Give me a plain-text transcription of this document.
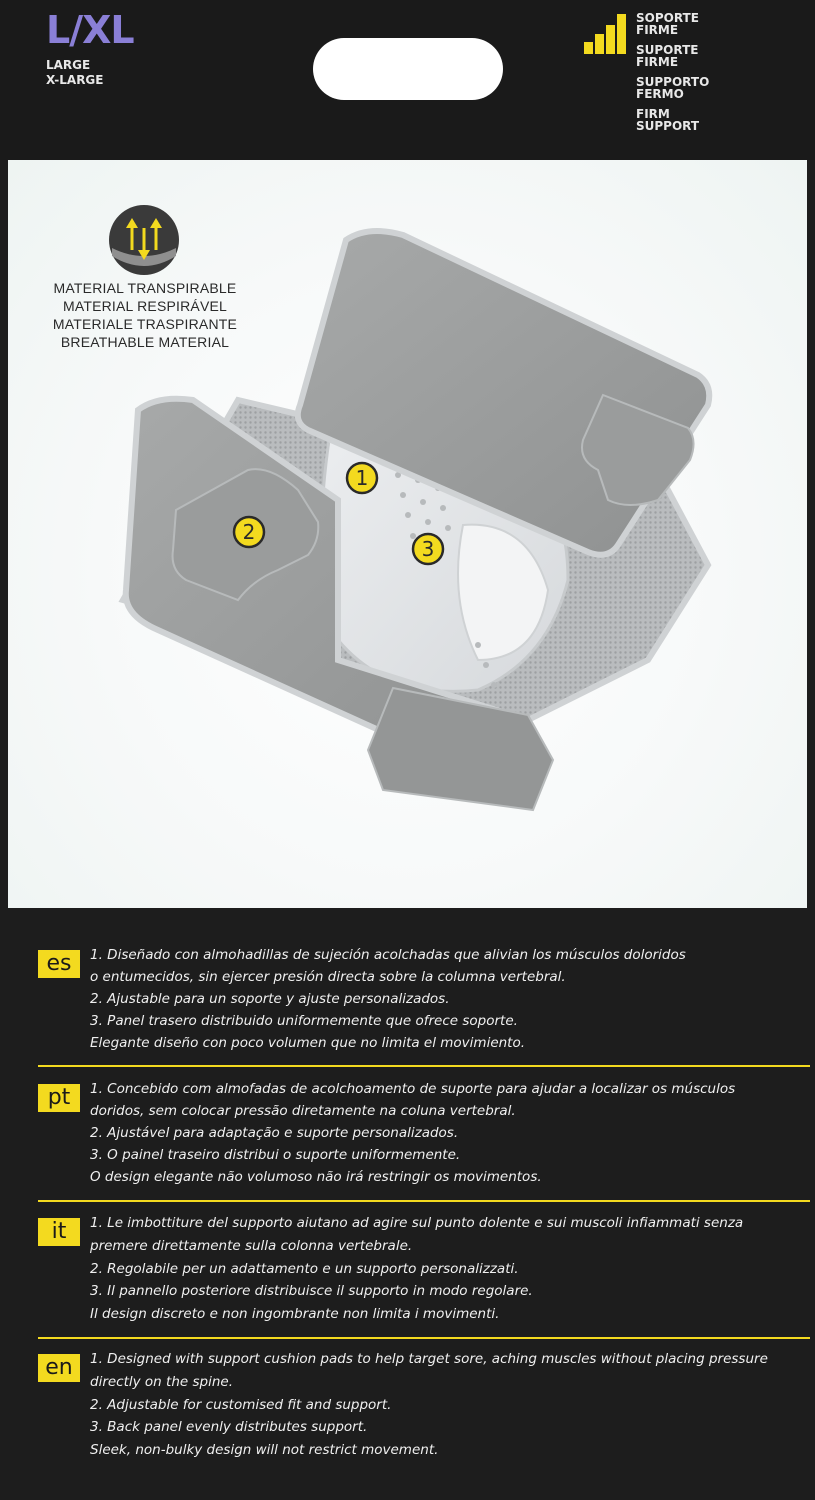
L/XL
LARGE
X-LARGE
SOPORTE
FIRME
SUPORTE
FIRME
SUPPORTO
FERMO
FIRM
SUPPORT
MATERIAL TRANSPIRABLE
MATERIAL RESPIRÁVEL
MATERIALE TRASPIRANTE
BREATHABLE MATERIAL
1
2
3
es	1. Diseñado con almohadillas de sujeción acolchadas que alivian los músculos doloridos
o entumecidos, sin ejercer presión directa sobre la columna vertebral.
2. Ajustable para un soporte y ajuste personalizados.
3. Panel trasero distribuido uniformemente que ofrece soporte.
Elegante diseño con poco volumen que no limita el movimiento.
pt	1. Concebido com almofadas de acolchoamento de suporte para ajudar a localizar os músculos
doridos, sem colocar pressão diretamente na coluna vertebral.
2. Ajustável para adaptação e suporte personalizados.
3. O painel traseiro distribui o suporte uniformemente.
O design elegante não volumoso não irá restringir os movimentos.
it	1. Le imbottiture del supporto aiutano ad agire sul punto dolente e sui muscoli infiammati senza
premere direttamente sulla colonna vertebrale.
2. Regolabile per un adattamento e un supporto personalizzati.
3. Il pannello posteriore distribuisce il supporto in modo regolare.
Il design discreto e non ingombrante non limita i movimenti.
en	1. Designed with support cushion pads to help target sore, aching muscles without placing pressure
directly on the spine.
2. Adjustable for customised fit and support.
3. Back panel evenly distributes support.
Sleek, non-bulky design will not restrict movement.
